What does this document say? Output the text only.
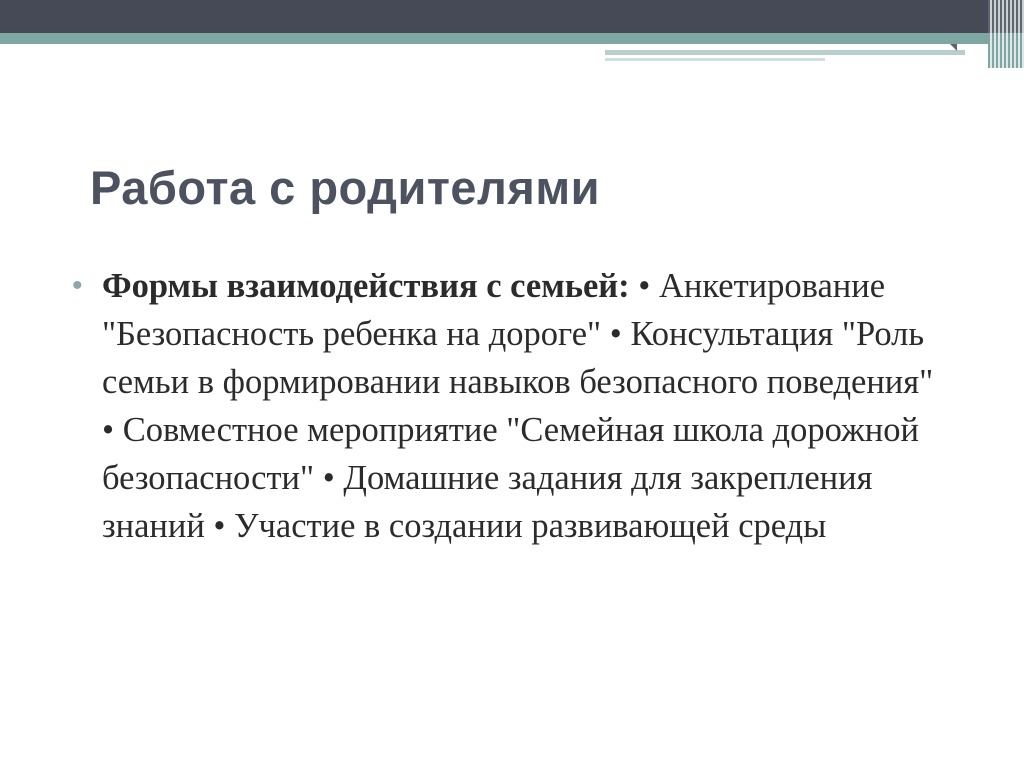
Работа с родителями
• Формы взаимодействия с семьей: • Анкетирование "Безопасность ребенка на дороге" • Консультация "Роль семьи в формировании навыков безопасного поведения"
• Совместное мероприятие "Семейная школа дорожной безопасности" • Домашние задания для закрепления знаний • Участие в создании развивающей среды
